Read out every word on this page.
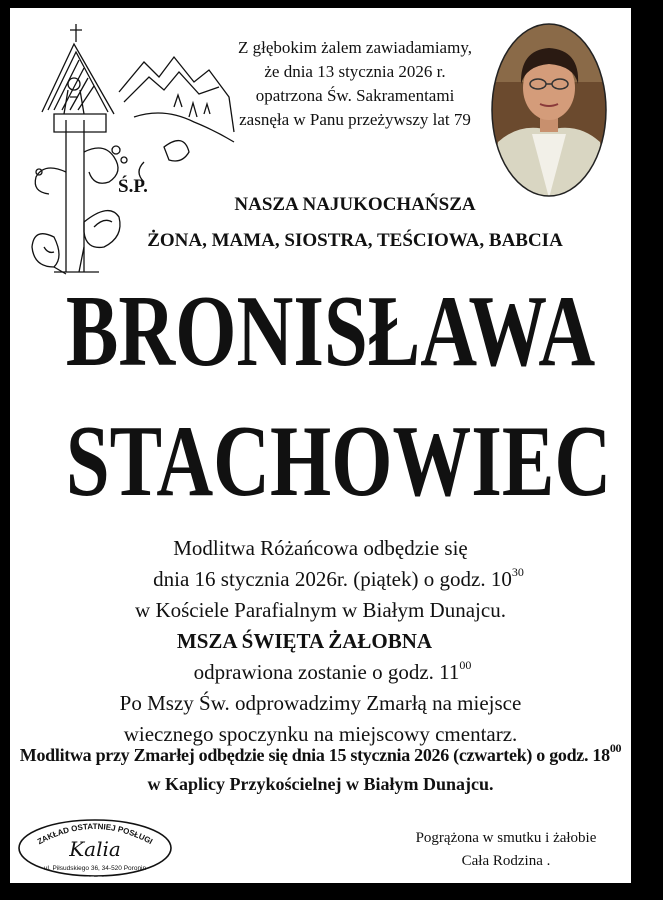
Z głębokim żalem zawiadamiamy,
że dnia 13 stycznia 2026 r.
opatrzona Św. Sakramentami
zasnęła w Panu przeżywszy lat 79
Ś.P.
NASZA NAJUKOCHAŃSZA
ŻONA, MAMA, SIOSTRA, TEŚCIOWA, BABCIA
BRONISŁAWA
STACHOWIEC
Modlitwa Różańcowa odbędzie się
dnia 16 stycznia 2026r. (piątek) o godz. $10^{30}$
w Kościele Parafialnym w Białym Dunajcu.
MSZA ŚWIĘTA ŻAŁOBNA
odprawiona zostanie o godz. $11^{00}$
Po Mszy Św. odprowadzimy Zmarłą na miejsce
wiecznego spoczynku na miejscowy cmentarz.
Modlitwa przy Zmarłej odbędzie się dnia 15 stycznia 2026 (czwartek) o godz. $18^{00}$
w Kaplicy Przykościelnej w Białym Dunajcu.
ZAKŁAD OSTATNIEJ POSŁUGI
Kalia
ul. Piłsudskiego 36, 34-520 Poronin
Pogrążona w smutku i żałobie
Cała Rodzina .
tel. +48 721 275 722
